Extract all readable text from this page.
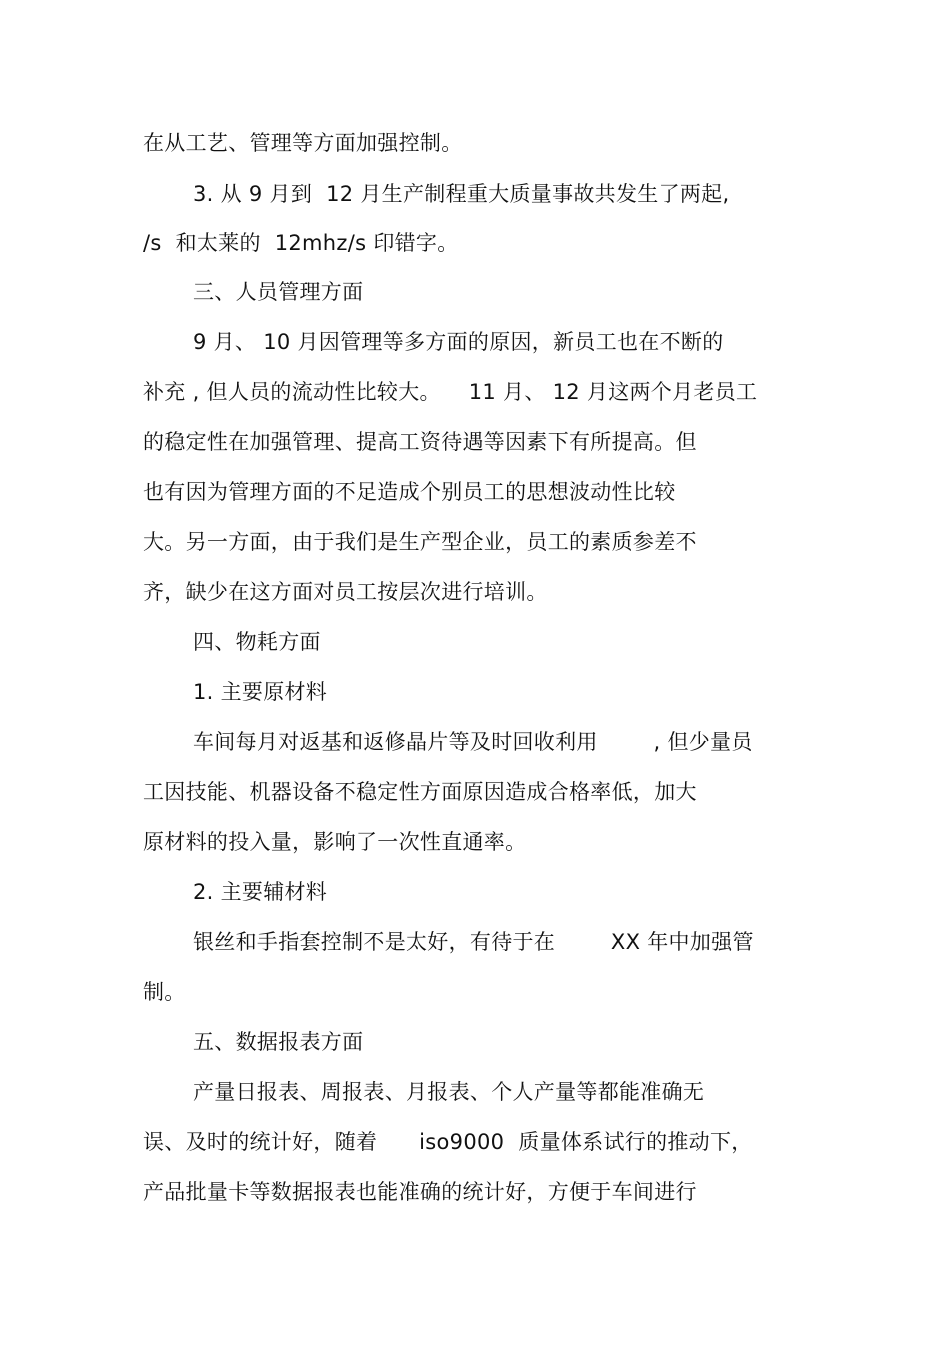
在从工艺、管理等方面加强控制。
3. 从 9 月到  12 月生产制程重大质量事故共发生了两起,
/s  和太莱的  12mhz/s 印错字。
三、人员管理方面
9 月、 10 月因管理等多方面的原因，新员工也在不断的
补充 , 但人员的流动性比较大。    11 月、 12 月这两个月老员工
的稳定性在加强管理、提高工资待遇等因素下有所提高。但
也有因为管理方面的不足造成个别员工的思想波动性比较
大。另一方面，由于我们是生产型企业，员工的素质参差不
齐，缺少在这方面对员工按层次进行培训。
四、物耗方面
1. 主要原材料
车间每月对返基和返修晶片等及时回收利用        , 但少量员
工因技能、机器设备不稳定性方面原因造成合格率低，加大
原材料的投入量，影响了一次性直通率。
2. 主要辅材料
银丝和手指套控制不是太好，有待于在        XX 年中加强管
制。
五、数据报表方面
产量日报表、周报表、月报表、个人产量等都能准确无
误、及时的统计好，随着      iso9000  质量体系试行的推动下，
产品批量卡等数据报表也能准确的统计好，方便于车间进行
